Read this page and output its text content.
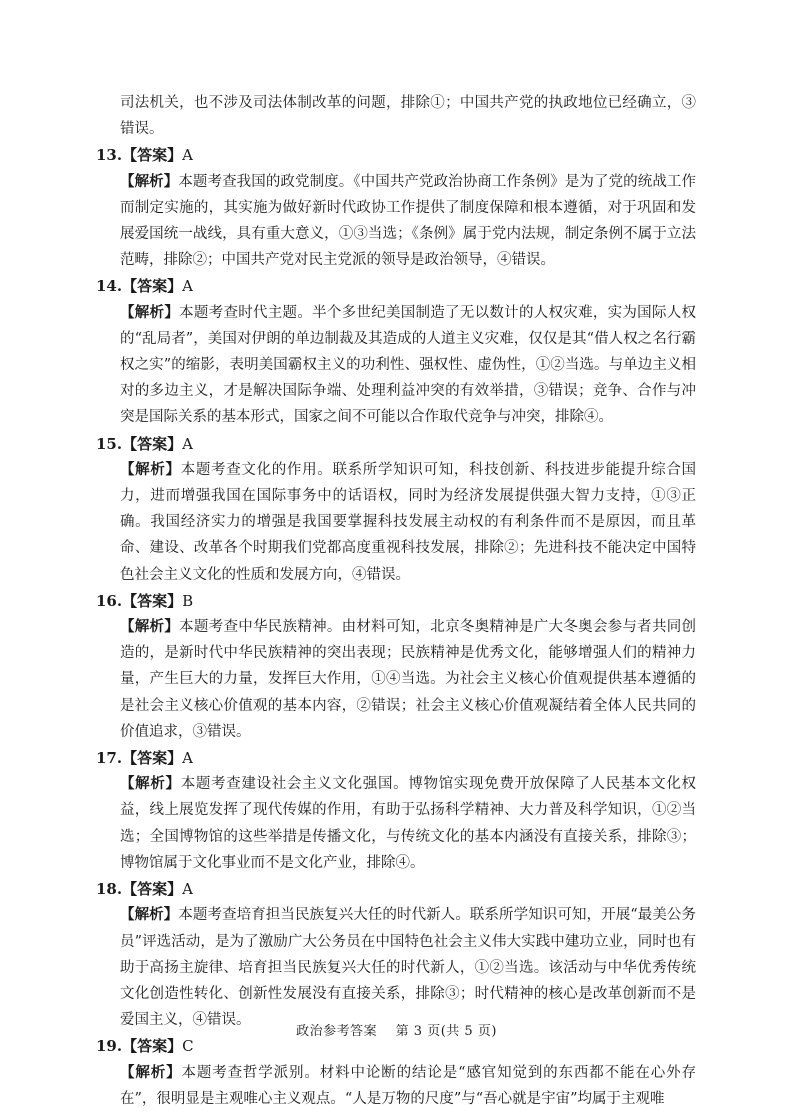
司法机关，也不涉及司法体制改革的问题，排除①；中国共产党的执政地位已经确立，③错误。

13.【答案】A

【解析】本题考查我国的政党制度。《中国共产党政治协商工作条例》是为了党的统战工作而制定实施的，其实施为做好新时代政协工作提供了制度保障和根本遵循，对于巩固和发展爱国统一战线，具有重大意义，①③当选；《条例》属于党内法规，制定条例不属于立法范畴，排除②；中国共产党对民主党派的领导是政治领导，④错误。

14.【答案】A

【解析】本题考查时代主题。半个多世纪美国制造了无以数计的人权灾难，实为国际人权的“乱局者”，美国对伊朗的单边制裁及其造成的人道主义灾难，仅仅是其“借人权之名行霸权之实”的缩影，表明美国霸权主义的功利性、强权性、虚伪性，①②当选。与单边主义相对的多边主义，才是解决国际争端、处理利益冲突的有效举措，③错误；竞争、合作与冲突是国际关系的基本形式，国家之间不可能以合作取代竞争与冲突，排除④。

15.【答案】A

【解析】本题考查文化的作用。联系所学知识可知，科技创新、科技进步能提升综合国力，进而增强我国在国际事务中的话语权，同时为经济发展提供强大智力支持，①③正确。我国经济实力的增强是我国要掌握科技发展主动权的有利条件而不是原因，而且革命、建设、改革各个时期我们党都高度重视科技发展，排除②；先进科技不能决定中国特色社会主义文化的性质和发展方向，④错误。

16.【答案】B

【解析】本题考查中华民族精神。由材料可知，北京冬奥精神是广大冬奥会参与者共同创造的，是新时代中华民族精神的突出表现；民族精神是优秀文化，能够增强人们的精神力量，产生巨大的力量，发挥巨大作用，①④当选。为社会主义核心价值观提供基本遵循的是社会主义核心价值观的基本内容，②错误；社会主义核心价值观凝结着全体人民共同的价值追求，③错误。

17.【答案】A

【解析】本题考查建设社会主义文化强国。博物馆实现免费开放保障了人民基本文化权益，线上展览发挥了现代传媒的作用，有助于弘扬科学精神、大力普及科学知识，①②当选；全国博物馆的这些举措是传播文化，与传统文化的基本内涵没有直接关系，排除③；博物馆属于文化事业而不是文化产业，排除④。

18.【答案】A

【解析】本题考查培育担当民族复兴大任的时代新人。联系所学知识可知，开展“最美公务员”评选活动，是为了激励广大公务员在中国特色社会主义伟大实践中建功立业，同时也有助于高扬主旋律、培育担当民族复兴大任的时代新人，①②当选。该活动与中华优秀传统文化创造性转化、创新性发展没有直接关系，排除③；时代精神的核心是改革创新而不是爱国主义，④错误。

19.【答案】C

【解析】本题考查哲学派别。材料中论断的结论是“感官知觉到的东西都不能在心外存在”，很明显是主观唯心主义观点。“人是万物的尺度”与“吾心就是宇宙”均属于主观唯

政治参考答案 第 3 页(共 5 页)
